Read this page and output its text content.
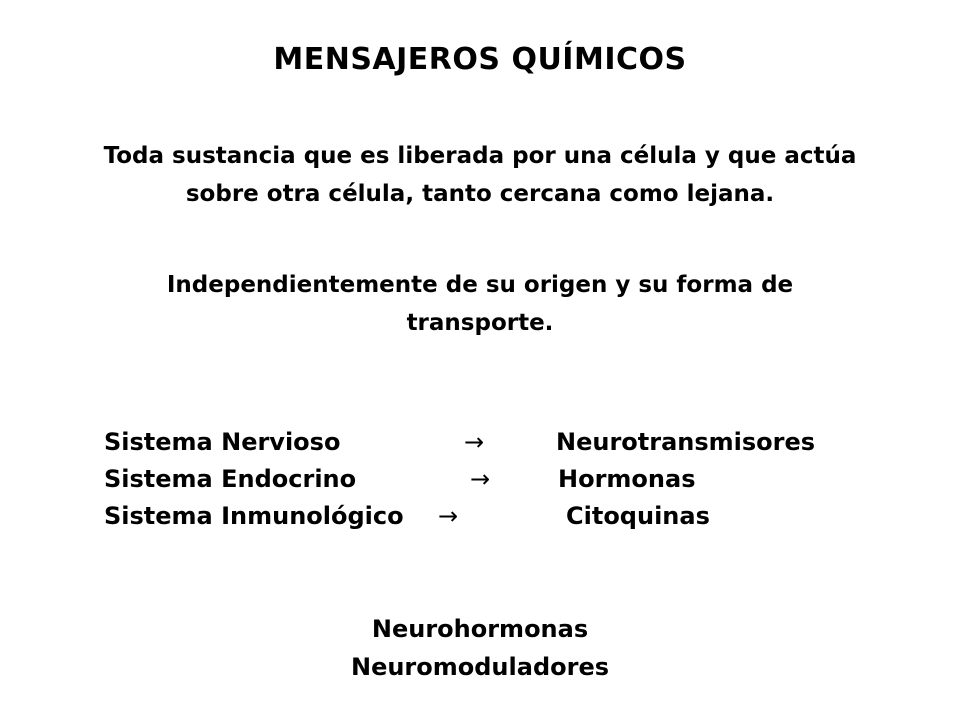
MENSAJEROS QUÍMICOS
Toda sustancia que es liberada por una célula y que actúa
sobre otra célula, tanto cercana como lejana.
Independientemente de su origen y su forma de
transporte.
Sistema Nervioso	→	Neurotransmisores
Sistema Endocrino	→	Hormonas
Sistema Inmunológico →	Citoquinas
Neurohormonas
Neuromoduladores
